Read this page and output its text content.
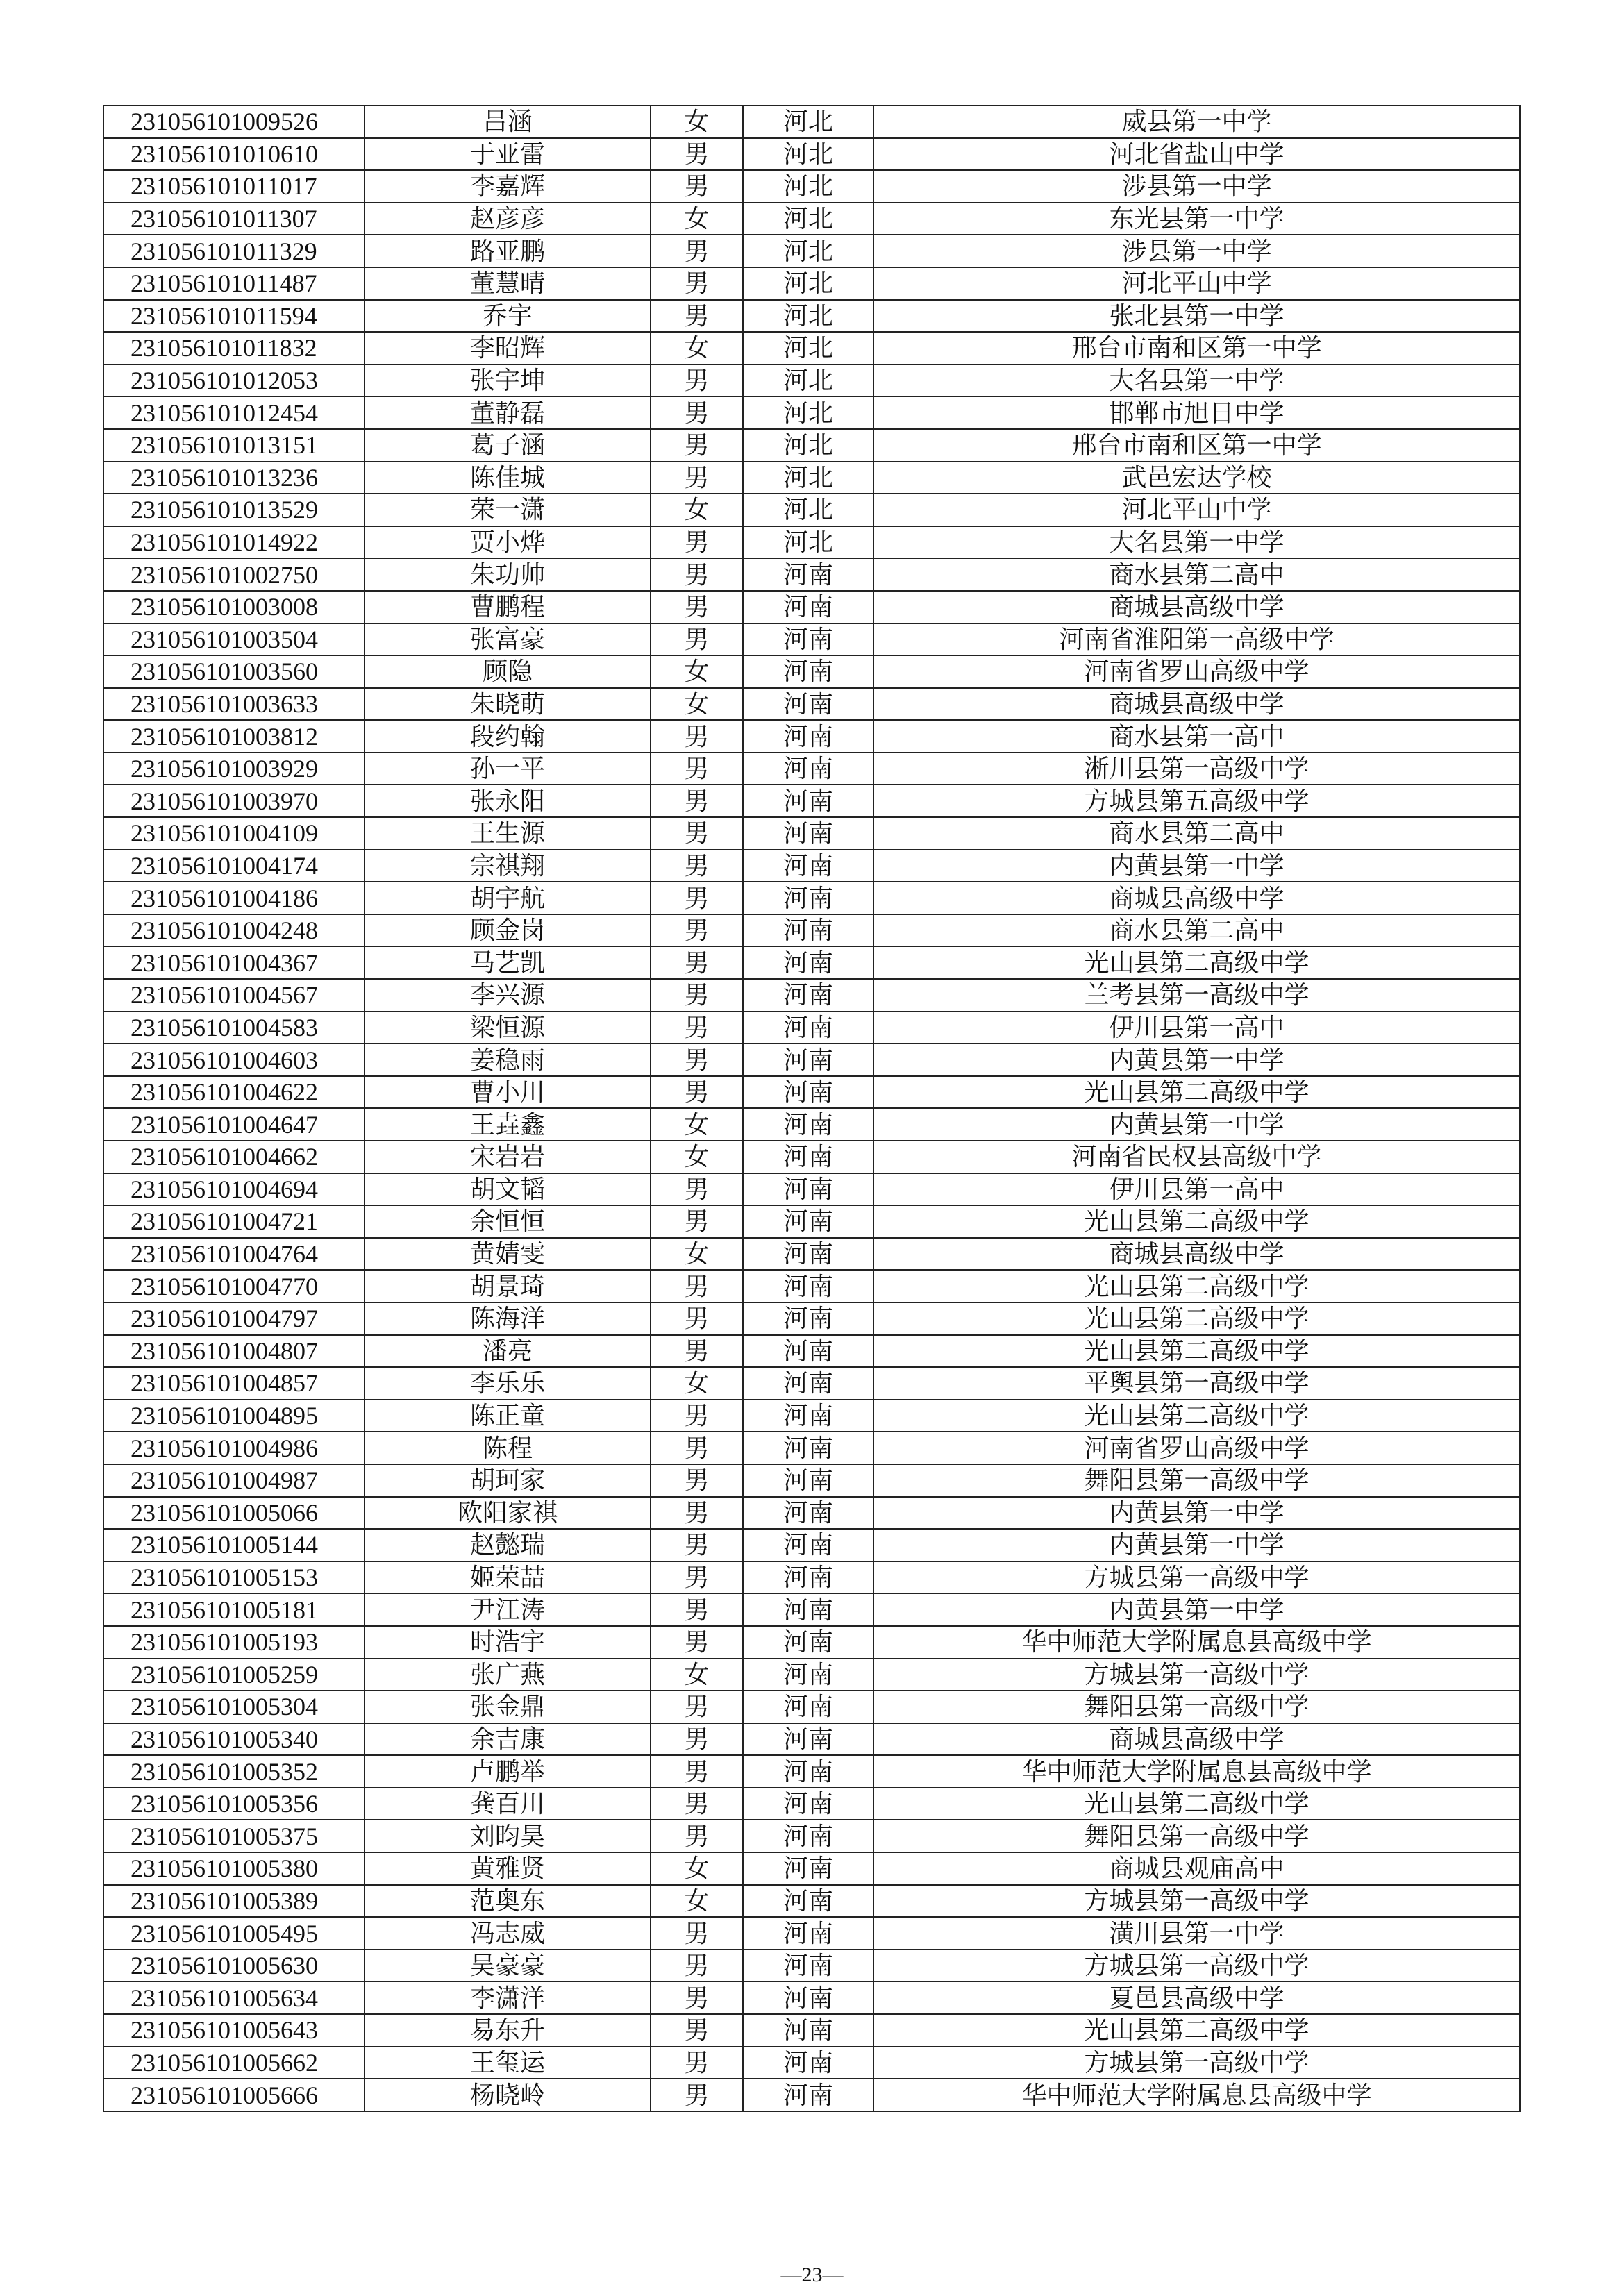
231056101009526	吕涵	女	河北	威县第一中学
231056101010610	于亚雷	男	河北	河北省盐山中学
231056101011017	李嘉辉	男	河北	涉县第一中学
231056101011307	赵彦彦	女	河北	东光县第一中学
231056101011329	路亚鹏	男	河北	涉县第一中学
231056101011487	董慧晴	男	河北	河北平山中学
231056101011594	乔宇	男	河北	张北县第一中学
231056101011832	李昭辉	女	河北	邢台市南和区第一中学
231056101012053	张宇坤	男	河北	大名县第一中学
231056101012454	董静磊	男	河北	邯郸市旭日中学
231056101013151	葛子涵	男	河北	邢台市南和区第一中学
231056101013236	陈佳城	男	河北	武邑宏达学校
231056101013529	荣一潇	女	河北	河北平山中学
231056101014922	贾小烨	男	河北	大名县第一中学
231056101002750	朱功帅	男	河南	商水县第二高中
231056101003008	曹鹏程	男	河南	商城县高级中学
231056101003504	张富豪	男	河南	河南省淮阳第一高级中学
231056101003560	顾隐	女	河南	河南省罗山高级中学
231056101003633	朱晓萌	女	河南	商城县高级中学
231056101003812	段约翰	男	河南	商水县第一高中
231056101003929	孙一平	男	河南	淅川县第一高级中学
231056101003970	张永阳	男	河南	方城县第五高级中学
231056101004109	王生源	男	河南	商水县第二高中
231056101004174	宗祺翔	男	河南	内黄县第一中学
231056101004186	胡宇航	男	河南	商城县高级中学
231056101004248	顾金岗	男	河南	商水县第二高中
231056101004367	马艺凯	男	河南	光山县第二高级中学
231056101004567	李兴源	男	河南	兰考县第一高级中学
231056101004583	梁恒源	男	河南	伊川县第一高中
231056101004603	姜稳雨	男	河南	内黄县第一中学
231056101004622	曹小川	男	河南	光山县第二高级中学
231056101004647	王垚鑫	女	河南	内黄县第一中学
231056101004662	宋岩岩	女	河南	河南省民权县高级中学
231056101004694	胡文韬	男	河南	伊川县第一高中
231056101004721	余恒恒	男	河南	光山县第二高级中学
231056101004764	黄婧雯	女	河南	商城县高级中学
231056101004770	胡景琦	男	河南	光山县第二高级中学
231056101004797	陈海洋	男	河南	光山县第二高级中学
231056101004807	潘亮	男	河南	光山县第二高级中学
231056101004857	李乐乐	女	河南	平舆县第一高级中学
231056101004895	陈正童	男	河南	光山县第二高级中学
231056101004986	陈程	男	河南	河南省罗山高级中学
231056101004987	胡珂家	男	河南	舞阳县第一高级中学
231056101005066	欧阳家祺	男	河南	内黄县第一中学
231056101005144	赵懿瑞	男	河南	内黄县第一中学
231056101005153	姬荣喆	男	河南	方城县第一高级中学
231056101005181	尹江涛	男	河南	内黄县第一中学
231056101005193	时浩宇	男	河南	华中师范大学附属息县高级中学
231056101005259	张广燕	女	河南	方城县第一高级中学
231056101005304	张金鼎	男	河南	舞阳县第一高级中学
231056101005340	余吉康	男	河南	商城县高级中学
231056101005352	卢鹏举	男	河南	华中师范大学附属息县高级中学
231056101005356	龚百川	男	河南	光山县第二高级中学
231056101005375	刘昀昊	男	河南	舞阳县第一高级中学
231056101005380	黄雅贤	女	河南	商城县观庙高中
231056101005389	范奥东	女	河南	方城县第一高级中学
231056101005495	冯志威	男	河南	潢川县第一中学
231056101005630	吴豪豪	男	河南	方城县第一高级中学
231056101005634	李潇洋	男	河南	夏邑县高级中学
231056101005643	易东升	男	河南	光山县第二高级中学
231056101005662	王玺运	男	河南	方城县第一高级中学
231056101005666	杨晓岭	男	河南	华中师范大学附属息县高级中学
—23—
